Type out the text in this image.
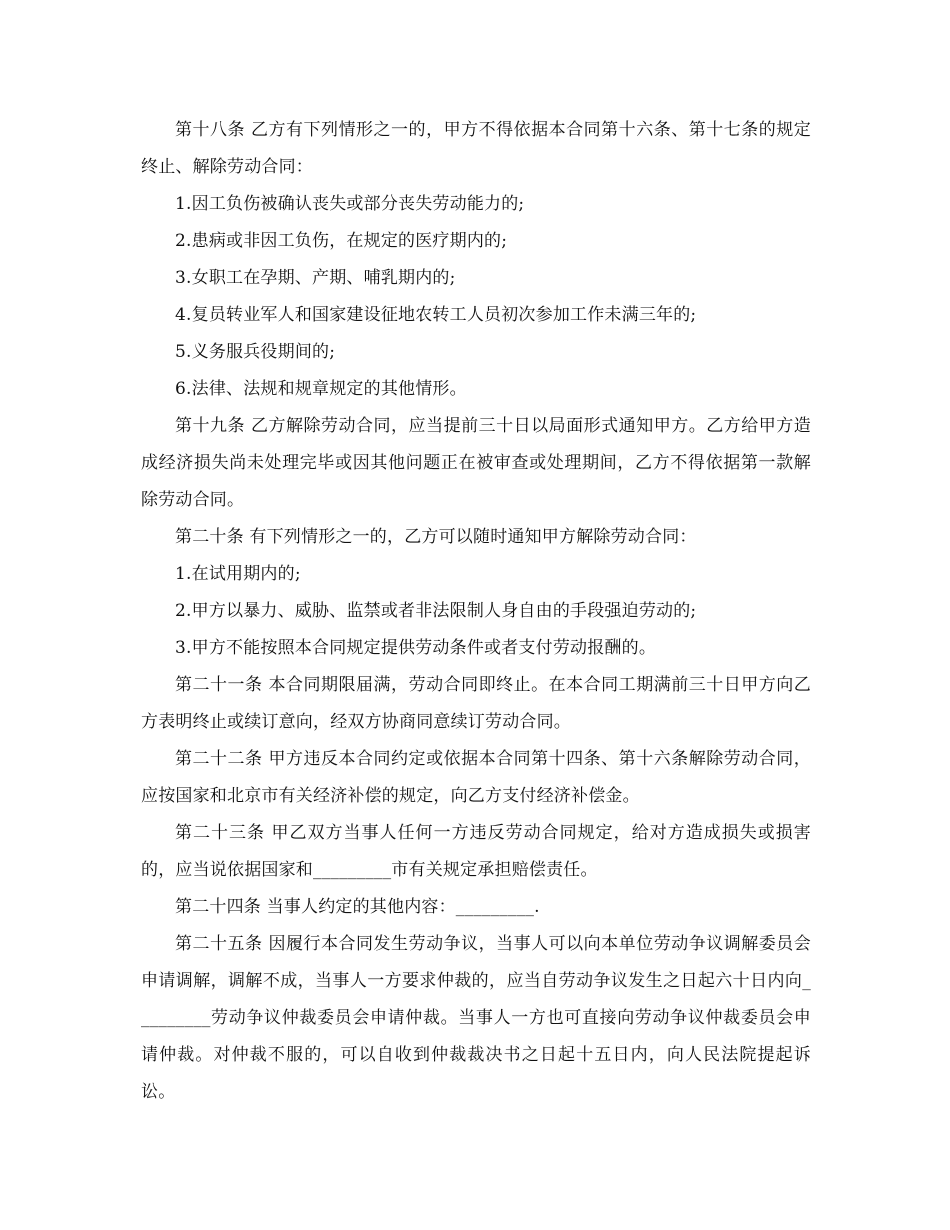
第十八条 乙方有下列情形之一的，甲方不得依据本合同第十六条、第十七条的规定终止、解除劳动合同：

1.因工负伤被确认丧失或部分丧失劳动能力的;

2.患病或非因工负伤，在规定的医疗期内的;

3.女职工在孕期、产期、哺乳期内的;

4.复员转业军人和国家建设征地农转工人员初次参加工作未满三年的;

5.义务服兵役期间的;

6.法律、法规和规章规定的其他情形。

第十九条 乙方解除劳动合同，应当提前三十日以局面形式通知甲方。乙方给甲方造成经济损失尚未处理完毕或因其他问题正在被审查或处理期间，乙方不得依据第一款解除劳动合同。

第二十条 有下列情形之一的，乙方可以随时通知甲方解除劳动合同：

1.在试用期内的;

2.甲方以暴力、威胁、监禁或者非法限制人身自由的手段强迫劳动的;

3.甲方不能按照本合同规定提供劳动条件或者支付劳动报酬的。

第二十一条 本合同期限届满，劳动合同即终止。在本合同工期满前三十日甲方向乙方表明终止或续订意向，经双方协商同意续订劳动合同。

第二十二条 甲方违反本合同约定或依据本合同第十四条、第十六条解除劳动合同，应按国家和北京市有关经济补偿的规定，向乙方支付经济补偿金。

第二十三条 甲乙双方当事人任何一方违反劳动合同规定，给对方造成损失或损害的，应当说依据国家和_________市有关规定承担赔偿责任。

第二十四条 当事人约定的其他内容：_________.

第二十五条 因履行本合同发生劳动争议，当事人可以向本单位劳动争议调解委员会申请调解，调解不成，当事人一方要求仲裁的，应当自劳动争议发生之日起六十日内向_________劳动争议仲裁委员会申请仲裁。当事人一方也可直接向劳动争议仲裁委员会申请仲裁。对仲裁不服的，可以自收到仲裁裁决书之日起十五日内，向人民法院提起诉讼。
